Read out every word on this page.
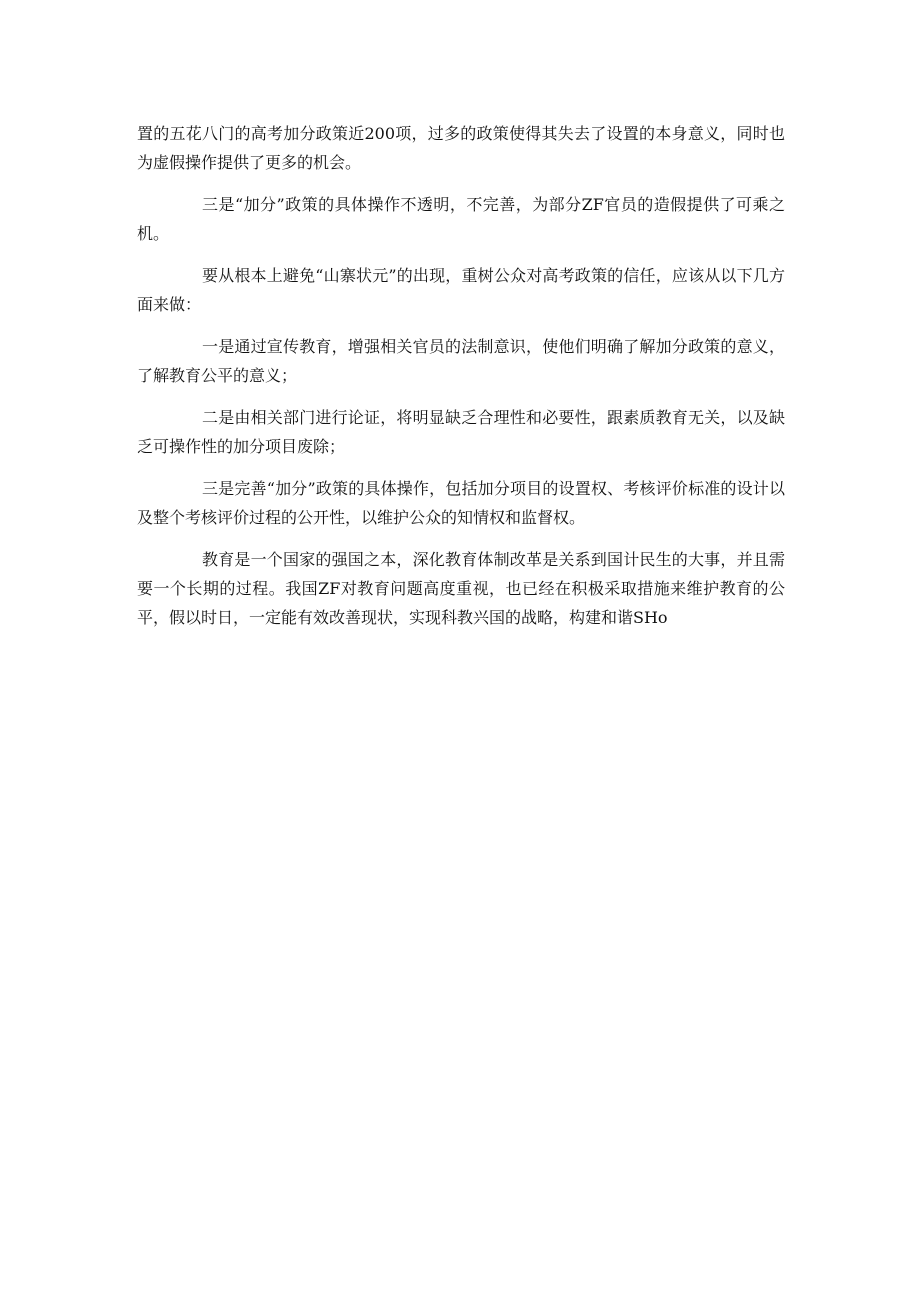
置的五花八门的高考加分政策近200项，过多的政策使得其失去了设置的本身意义，同时也为虚假操作提供了更多的机会。

三是“加分”政策的具体操作不透明，不完善，为部分ZF官员的造假提供了可乘之机。

要从根本上避免“山寨状元”的出现，重树公众对高考政策的信任，应该从以下几方面来做：

一是通过宣传教育，增强相关官员的法制意识，使他们明确了解加分政策的意义，了解教育公平的意义；

二是由相关部门进行论证，将明显缺乏合理性和必要性，跟素质教育无关，以及缺乏可操作性的加分项目废除；

三是完善“加分”政策的具体操作，包括加分项目的设置权、考核评价标准的设计以及整个考核评价过程的公开性，以维护公众的知情权和监督权。

教育是一个国家的强国之本，深化教育体制改革是关系到国计民生的大事，并且需要一个长期的过程。我国ZF对教育问题高度重视，也已经在积极采取措施来维护教育的公平，假以时日，一定能有效改善现状，实现科教兴国的战略，构建和谐SHo
